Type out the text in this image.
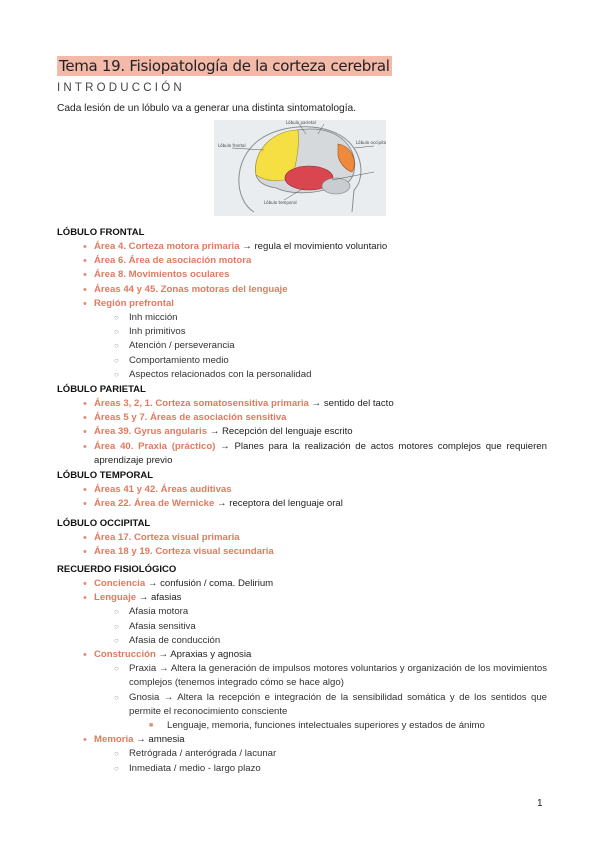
Tema 19. Fisiopatología de la corteza cerebral
INTRODUCCIÓN
Cada lesión de un lóbulo va a generar una distinta sintomatología.
Lóbulo frontal
Lóbulo parietal
Lóbulo occipital
Lóbulo temporal
LÓBULO FRONTAL
• Área 4. Corteza motora primaria → regula el movimiento voluntario
• Área 6. Área de asociación motora
• Área 8. Movimientos oculares
• Áreas 44 y 45. Zonas motoras del lenguaje
• Región prefrontal
○ Inh micción
○ Inh primitivos
○ Atención / perseverancia
○ Comportamiento medio
○ Aspectos relacionados con la personalidad
LÓBULO PARIETAL
• Áreas 3, 2, 1. Corteza somatosensitiva primaria → sentido del tacto
• Áreas 5 y 7. Áreas de asociación sensitiva
• Área 39. Gyrus angularis → Recepción del lenguaje escrito
• Área 40. Praxia (práctico) → Planes para la realización de actos motores complejos que requieren aprendizaje previo
LÓBULO TEMPORAL
• Áreas 41 y 42. Áreas auditivas
• Área 22. Área de Wernicke → receptora del lenguaje oral
LÓBULO OCCIPITAL
• Área 17. Corteza visual primaria
• Área 18 y 19. Corteza visual secundaria
RECUERDO FISIOLÓGICO
• Conciencia → confusión / coma. Delirium
• Lenguaje → afasias
○ Afasia motora
○ Afasia sensitiva
○ Afasia de conducción
• Construcción → Apraxias y agnosia
○ Praxia → Altera la generación de impulsos motores voluntarios y organización de los movimientos complejos (tenemos integrado cómo se hace algo)
○ Gnosia → Altera la recepción e integración de la sensibilidad somática y de los sentidos que permite el reconocimiento consciente
■ Lenguaje, memoria, funciones intelectuales superiores y estados de ánimo
• Memoria → amnesia
○ Retrógrada / anterógrada / lacunar
○ Inmediata / medio - largo plazo
1
